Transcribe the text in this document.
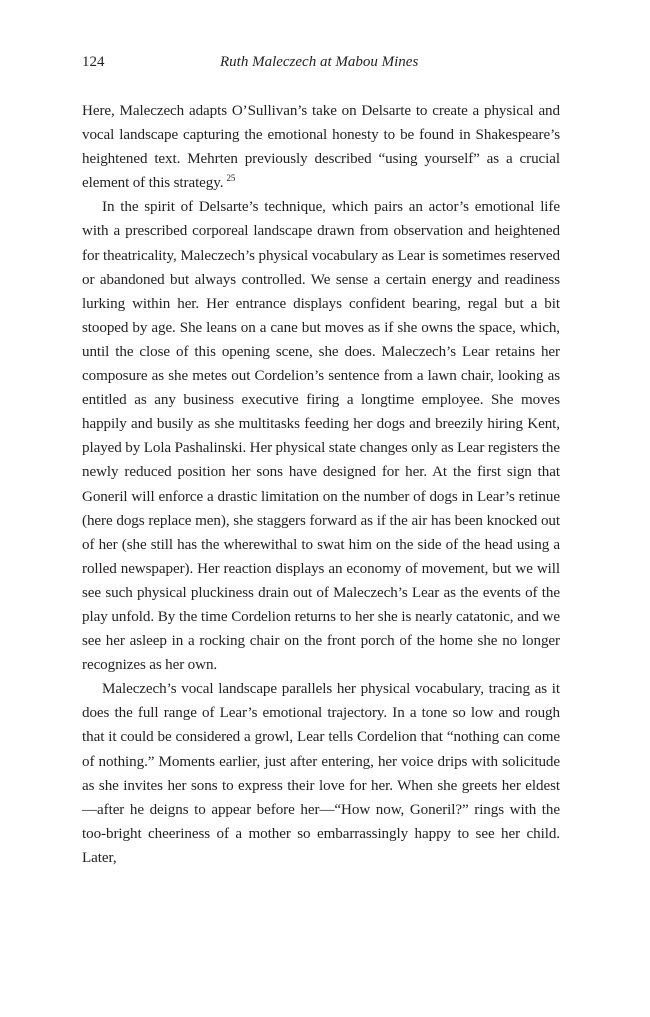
124	Ruth Maleczech at Mabou Mines

Here, Maleczech adapts O’Sullivan’s take on Delsarte to create a physical and vocal landscape capturing the emotional honesty to be found in Shakespeare’s heightened text. Mehrten previously described “using yourself” as a crucial element of this strategy. $^{25}$

In the spirit of Delsarte’s technique, which pairs an actor’s emotional life with a prescribed corporeal landscape drawn from observation and heightened for theatricality, Maleczech’s physical vocabulary as Lear is sometimes reserved or abandoned but always controlled. We sense a certain energy and readiness lurking within her. Her entrance displays confident bearing, regal but a bit stooped by age. She leans on a cane but moves as if she owns the space, which, until the close of this opening scene, she does. Maleczech’s Lear retains her composure as she metes out Cordelion’s sentence from a lawn chair, looking as entitled as any business executive firing a longtime employee. She moves happily and busily as she multitasks feeding her dogs and breezily hiring Kent, played by Lola Pashalinski. Her physical state changes only as Lear registers the newly reduced position her sons have designed for her. At the first sign that Goneril will enforce a drastic limitation on the number of dogs in Lear’s retinue (here dogs replace men), she staggers forward as if the air has been knocked out of her (she still has the wherewithal to swat him on the side of the head using a rolled newspaper). Her reaction displays an economy of movement, but we will see such physical pluckiness drain out of Maleczech’s Lear as the events of the play unfold. By the time Cordelion returns to her she is nearly catatonic, and we see her asleep in a rocking chair on the front porch of the home she no longer recognizes as her own.

Maleczech’s vocal landscape parallels her physical vocabulary, tracing as it does the full range of Lear’s emotional trajectory. In a tone so low and rough that it could be considered a growl, Lear tells Cordelion that “nothing can come of nothing.” Moments earlier, just after entering, her voice drips with solicitude as she invites her sons to express their love for her. When she greets her eldest—after he deigns to appear before her—“How now, Goneril?” rings with the too-bright cheeriness of a mother so embarrassingly happy to see her child. Later,
